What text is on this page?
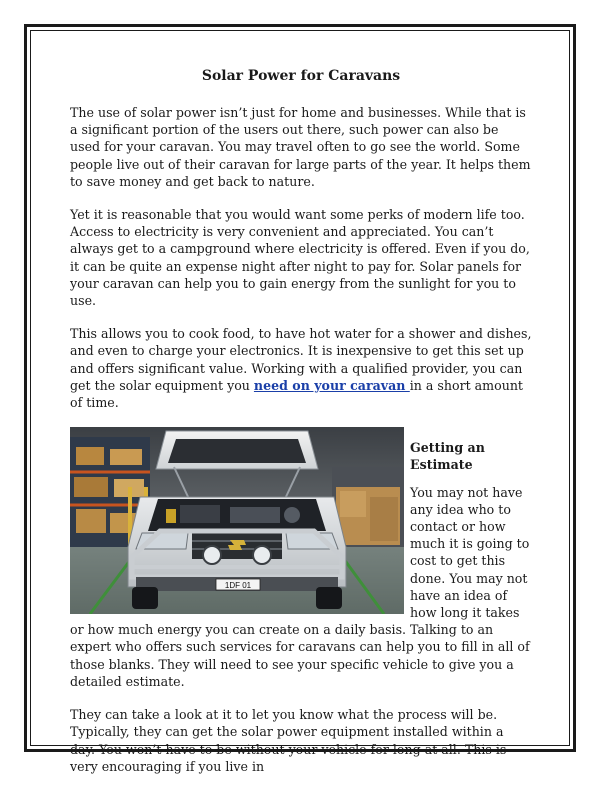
Solar Power for Caravans

The use of solar power isn’t just for home and businesses. While that is a significant portion of the users out there, such power can also be used for your caravan. You may travel often to go see the world. Some people live out of their caravan for large parts of the year. It helps them to save money and get back to nature.

Yet it is reasonable that you would want some perks of modern life too. Access to electricity is very convenient and appreciated. You can’t always get to a campground where electricity is offered. Even if you do, it can be quite an expense night after night to pay for. Solar panels for your caravan can help you to gain energy from the sunlight for you to use.

This allows you to cook food, to have hot water for a shower and dishes, and even to charge your electronics. It is inexpensive to get this set up and offers significant value. Working with a qualified provider, you can get the solar equipment you need on your caravan in a short amount of time.

1DF 01
Getting an Estimate

You may not have any idea who to contact or how much it is going to cost to get this done. You may not have an idea of how long it takes or how much energy you can create on a daily basis. Talking to an expert who offers such services for caravans can help you to fill in all of those blanks. They will need to see your specific vehicle to give you a detailed estimate.

They can take a look at it to let you know what the process will be. Typically, they can get the solar power equipment installed within a day. You won’t have to be without your vehicle for long at all. This is very encouraging if you live in
